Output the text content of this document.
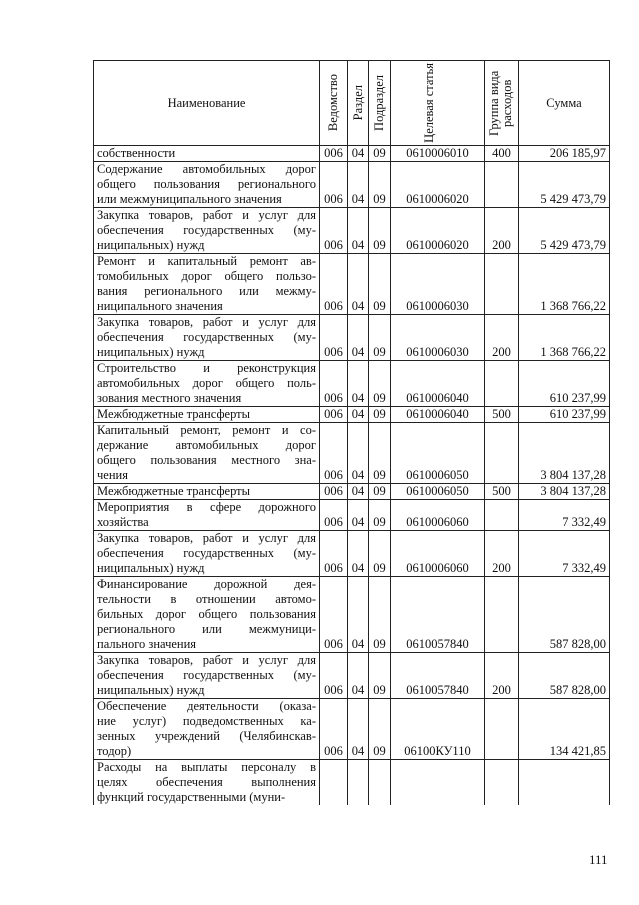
Наименование	Ведомство	Раздел	Подраздел	Целевая статья	Группа вида расходов	Сумма

собственности	006	04	09	0610006010	400	206 185,97

Содержание автомобильных дорог
общего пользования регионального
или межмуниципального значения	006	04	09	0610006020		5 429 473,79

Закупка товаров, работ и услуг для
обеспечения государственных (му-
ниципальных) нужд	006	04	09	0610006020	200	5 429 473,79

Ремонт и капитальный ремонт ав-
томобильных дорог общего пользо-
вания регионального или межму-
ниципального значения	006	04	09	0610006030		1 368 766,22

Закупка товаров, работ и услуг для
обеспечения государственных (му-
ниципальных) нужд	006	04	09	0610006030	200	1 368 766,22

Строительство и реконструкция
автомобильных дорог общего поль-
зования местного значения	006	04	09	0610006040		610 237,99

Межбюджетные трансферты	006	04	09	0610006040	500	610 237,99

Капитальный ремонт, ремонт и со-
держание автомобильных дорог
общего пользования местного зна-
чения	006	04	09	0610006050		3 804 137,28

Межбюджетные трансферты	006	04	09	0610006050	500	3 804 137,28

Мероприятия в сфере дорожного
хозяйства	006	04	09	0610006060		7 332,49

Закупка товаров, работ и услуг для
обеспечения государственных (му-
ниципальных) нужд	006	04	09	0610006060	200	7 332,49

Финансирование дорожной дея-
тельности в отношении автомо-
бильных дорог общего пользования
регионального или межмуници-
пального значения	006	04	09	0610057840		587 828,00

Закупка товаров, работ и услуг для
обеспечения государственных (му-
ниципальных) нужд	006	04	09	0610057840	200	587 828,00

Обеспечение деятельности (оказа-
ние услуг) подведомственных ка-
зенных учреждений (Челябинскав-
тодор)	006	04	09	06100КУ110		134 421,85

Расходы на выплаты персоналу в
целях обеспечения выполнения
функций государственными (муни-						

111
